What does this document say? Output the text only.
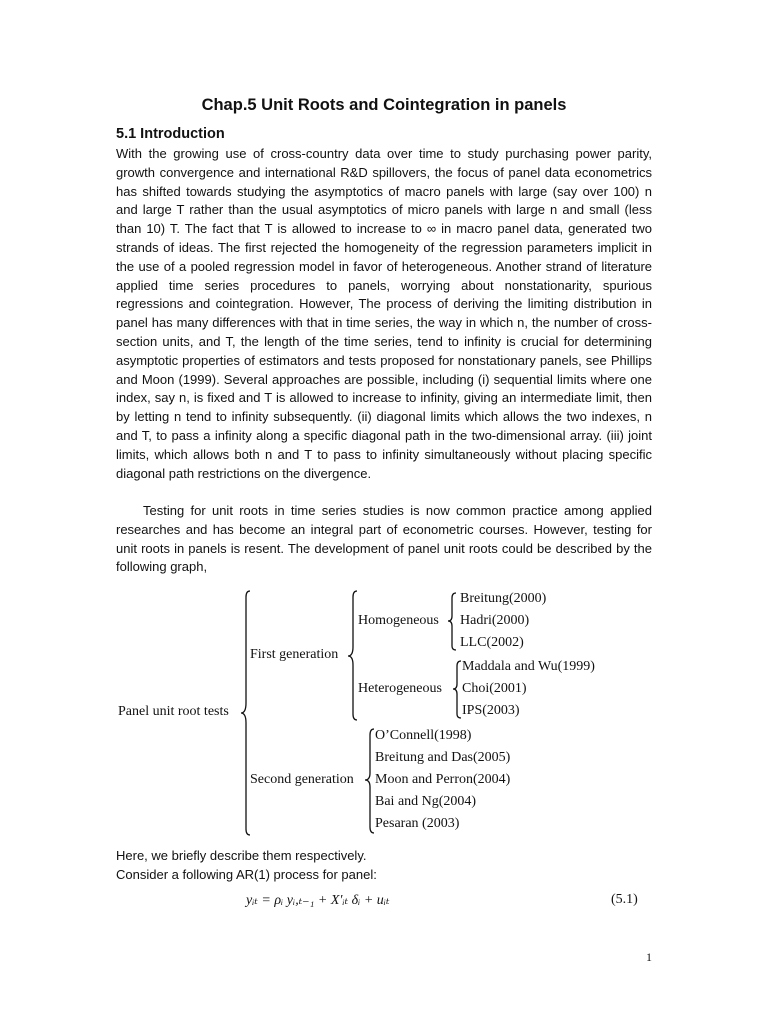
Chap.5 Unit Roots and Cointegration in panels
5.1 Introduction
With the growing use of cross-country data over time to study purchasing power parity, growth convergence and international R&D spillovers, the focus of panel data econometrics has shifted towards studying the asymptotics of macro panels with large (say over 100) n and large T rather than the usual asymptotics of micro panels with large n and small (less than 10) T. The fact that T is allowed to increase to ∞ in macro panel data, generated two strands of ideas. The first rejected the homogeneity of the regression parameters implicit in the use of a pooled regression model in favor of heterogeneous. Another strand of literature applied time series procedures to panels, worrying about nonstationarity, spurious regressions and cointegration. However, The process of deriving the limiting distribution in panel has many differences with that in time series, the way in which n, the number of cross-section units, and T, the length of the time series, tend to infinity is crucial for determining asymptotic properties of estimators and tests proposed for nonstationary panels, see Phillips and Moon (1999). Several approaches are possible, including (i) sequential limits where one index, say n, is fixed and T is allowed to increase to infinity, giving an intermediate limit, then by letting n tend to infinity subsequently. (ii) diagonal limits which allows the two indexes, n and T, to pass a infinity along a specific diagonal path in the two-dimensional array. (iii) joint limits, which allows both n and T to pass to infinity simultaneously without placing specific diagonal path restrictions on the divergence.
Testing for unit roots in time series studies is now common practice among applied researches and has become an integral part of econometric courses. However, testing for unit roots in panels is resent. The development of panel unit roots could be described by the following graph,
Panel unit root tests
First generation
Homogeneous
Breitung(2000)
Hadri(2000)
LLC(2002)
Heterogeneous
Maddala and Wu(1999)
Choi(2001)
IPS(2003)
Second generation
O’Connell(1998)
Breitung and Das(2005)
Moon and Perron(2004)
Bai and Ng(2004)
Pesaran (2003)
Here, we briefly describe them respectively.
Consider a following AR(1) process for panel:
yᵢₜ = ρᵢ yᵢ,ₜ₋₁ + X′ᵢₜ δᵢ + uᵢₜ	(5.1)
1
